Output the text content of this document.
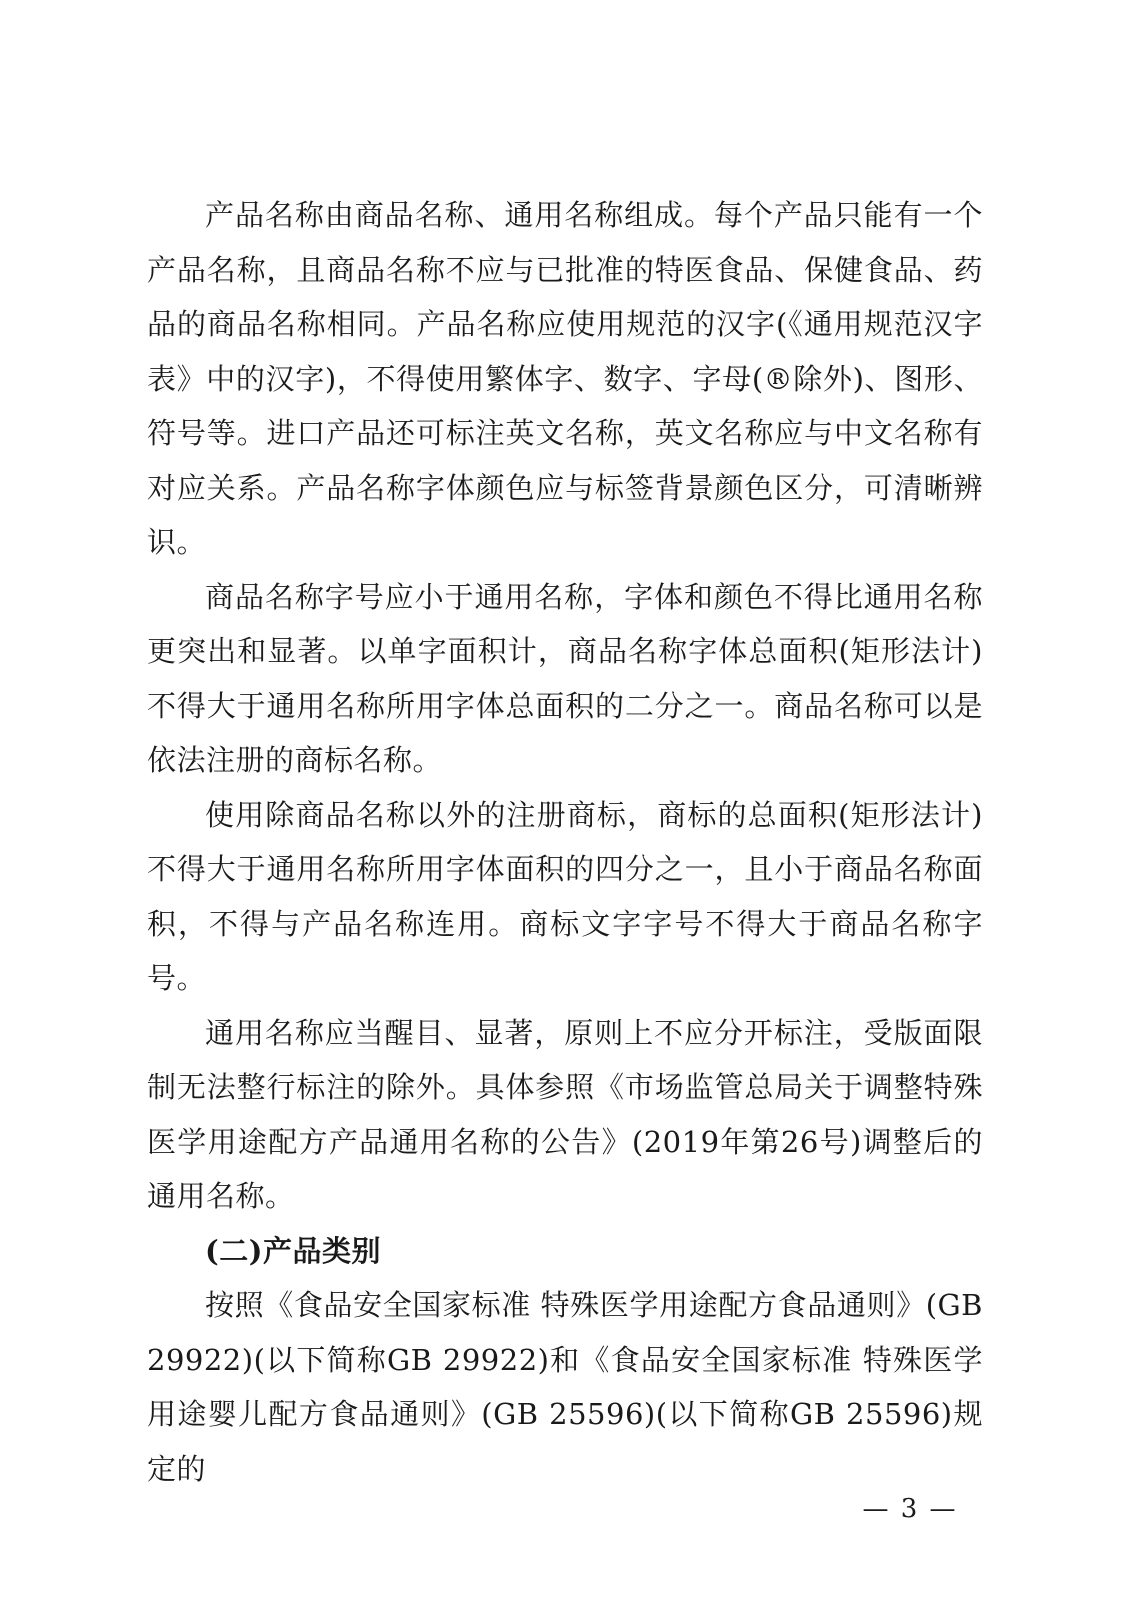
产品名称由商品名称、通用名称组成。每个产品只能有一个产品名称，且商品名称不应与已批准的特医食品、保健食品、药品的商品名称相同。产品名称应使用规范的汉字(《通用规范汉字表》中的汉字)，不得使用繁体字、数字、字母(®除外)、图形、符号等。进口产品还可标注英文名称，英文名称应与中文名称有对应关系。产品名称字体颜色应与标签背景颜色区分，可清晰辨识。

商品名称字号应小于通用名称，字体和颜色不得比通用名称更突出和显著。以单字面积计，商品名称字体总面积(矩形法计)不得大于通用名称所用字体总面积的二分之一。商品名称可以是依法注册的商标名称。

使用除商品名称以外的注册商标，商标的总面积(矩形法计)不得大于通用名称所用字体面积的四分之一，且小于商品名称面积，不得与产品名称连用。商标文字字号不得大于商品名称字号。

通用名称应当醒目、显著，原则上不应分开标注，受版面限制无法整行标注的除外。具体参照《市场监管总局关于调整特殊医学用途配方产品通用名称的公告》(2019年第26号)调整后的通用名称。

(二)产品类别

按照《食品安全国家标准 特殊医学用途配方食品通则》(GB 29922)(以下简称GB 29922)和《食品安全国家标准 特殊医学用途婴儿配方食品通则》(GB 25596)(以下简称GB 25596)规定的

— 3 —
